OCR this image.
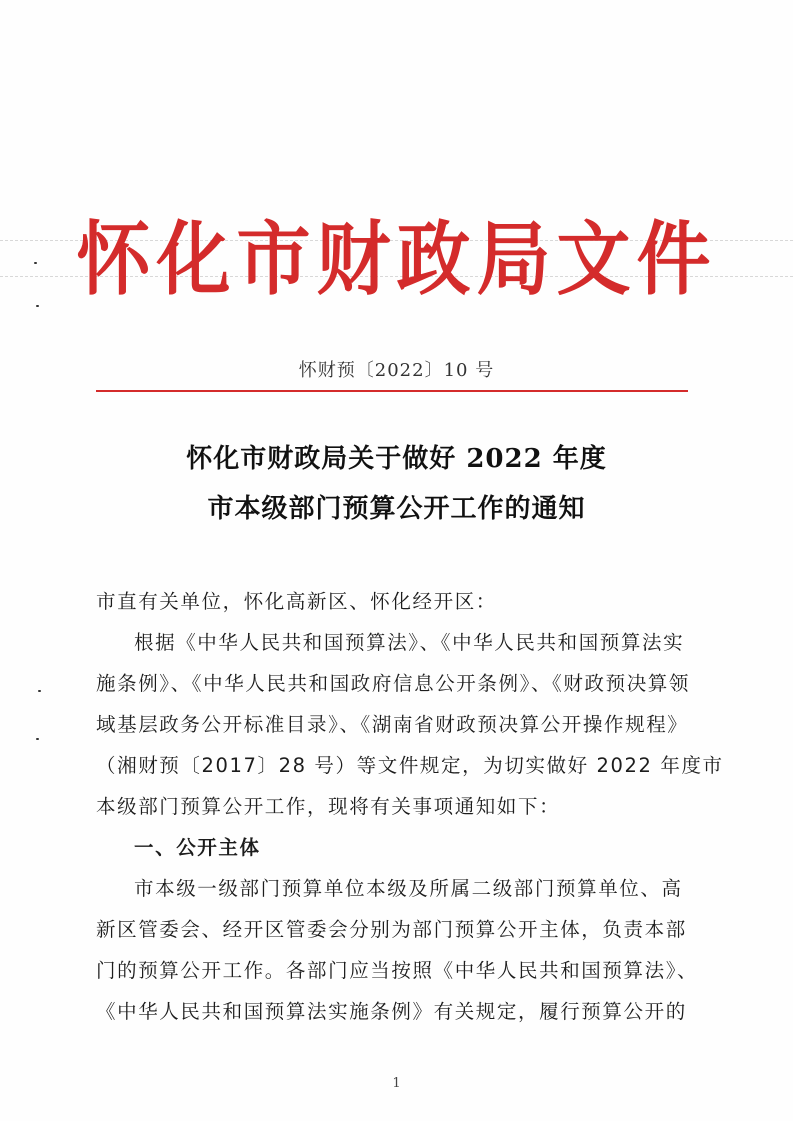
怀化市财政局文件
怀财预〔2022〕10 号
怀化市财政局关于做好 2022 年度
市本级部门预算公开工作的通知
市直有关单位，怀化高新区、怀化经开区：
根据《中华人民共和国预算法》、《中华人民共和国预算法实
施条例》、《中华人民共和国政府信息公开条例》、《财政预决算领
域基层政务公开标准目录》、《湖南省财政预决算公开操作规程》
（湘财预〔2017〕28 号）等文件规定，为切实做好 2022 年度市
本级部门预算公开工作，现将有关事项通知如下：
一、公开主体
市本级一级部门预算单位本级及所属二级部门预算单位、高
新区管委会、经开区管委会分别为部门预算公开主体，负责本部
门的预算公开工作。各部门应当按照《中华人民共和国预算法》、
《中华人民共和国预算法实施条例》有关规定，履行预算公开的
1
